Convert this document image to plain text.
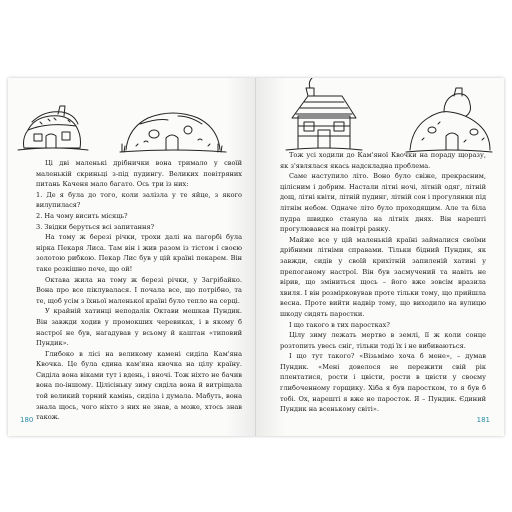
Ці дві маленькі дрібнички вона тримало у своїй маленькій скриньці з-під пудингу. Великих повітряних питань Каченя мало багато. Ось три із них:

1. Де я була до того, коли залізла у те яйце, з якого вилупилася?

2. На чому висить місяць?

3. Звідки беруться всі запитання?

На тому ж березі річки, трохи далі на пагорбі була нірка Пекаря Лиса. Там він і жив разом із тістом і своєю золотою рибкою. Пекар Лис був у цій країні пекарем. Він таке розкішно пече, що ой!

Октава жила на тому ж березі річки, у Загрібайко. Вона про все піклувалася. І почала все, що потрібно, та те, щоб усім з їхньої маленької країні було тепло на серці.

У крайній хатинці неподалік Октави мешкав Пундик. Він завжди ходив у промокших черевиках, і в якому б настрої не був, нагадував у всьому й каштан «типовий Пундик».

Глибоко в лісі на великому камені сиділа Кам'яна Квочка. Це була єдина кам'яна квочка на цілу країну. Сиділа вона віками тут і вдень, і вночі. Тож ніхто не бачив вона по-іншому. Цілісіньку зиму сиділа вона й витріщала той великий торний камінь, сиділа і думала. Мабуть, вона знала щось, чого ніхто з них не знав, а може, хтось знав також.

180

Тож усі ходили до Кам'яної Квочки на пораду щоразу, як з'являлася якась надскладна проблема.

Саме наступило літо. Воно було свіже, прекрасним, цілісним і добрим. Настали літні ночі, літній одяг, літній дощ, літні квіти, літній пудинг, літній сон і прогулянки під літнім небом. Одначе літо було проходящим. Але та біла пудра швидко станула на літніх днях. Він нарешті прогулювався на повітрі ранку.

Майже все у цій маленькій країні займалися своїми дрібними літніми справами. Тільки бідний Пундик, як завжди, сидів у своїй крихітній запиленій хатині у препоганому настрої. Він був засмучений та навіть не вірив, що зміниться щось – його вже зовсім вразила хвиля. І він розмірковував проте тільки тому, що прийшла весна. Проте вийти надвір тому, що виходило на вулицю шкоду сидять паростки.

І що такого в тих паростках?

Цілу зиму лежать мертво в землі, її ж коли сонце розтопить увесь сніг, тільки тоді їх і не вибиваються.

І що тут такого? «Візьмімо хоча б мене», – думав Пундик. «Мені довелося не пережити свій рік плентатися, рости і цвісти, рости в цвісти у своєму глибоченному горщику. Хіба я був паростком, то я був б тобі. Ох, нарешті я вже не паросток. Я – Пундик. Єдиний Пундик на всенькому світі».

181
